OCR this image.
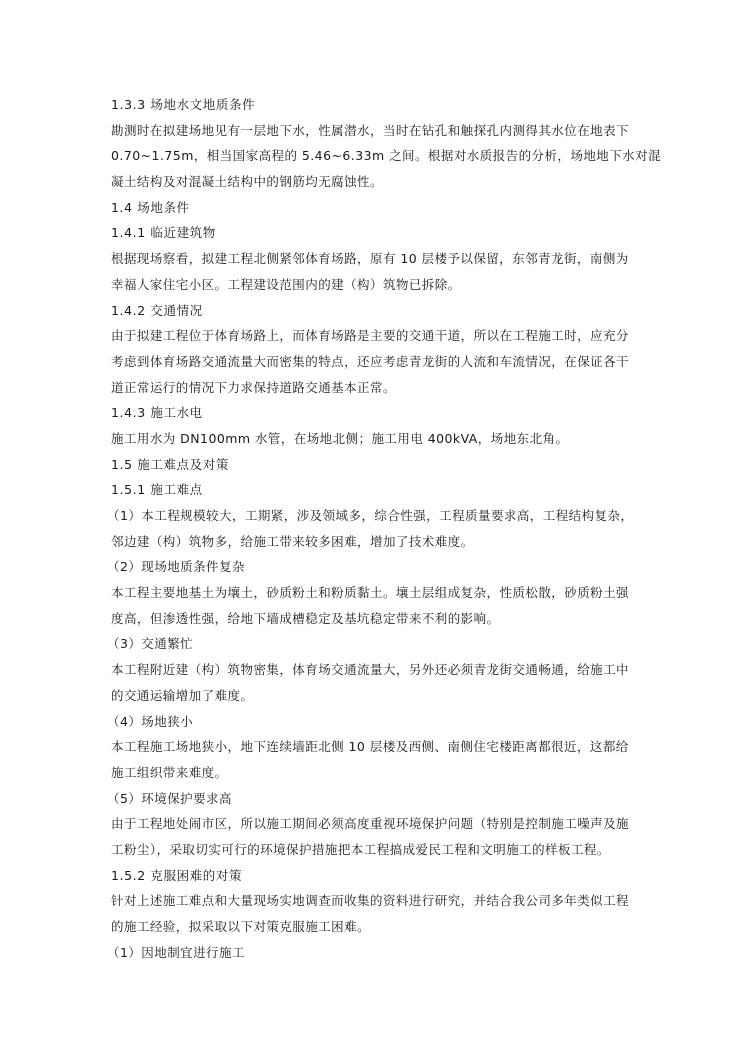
1.3.3 场地水文地质条件
勘测时在拟建场地见有一层地下水，性属潜水，当时在钻孔和触探孔内测得其水位在地表下
0.70~1.75m，相当国家高程的 5.46~6.33m 之间。根据对水质报告的分析，场地地下水对混
凝土结构及对混凝土结构中的钢筋均无腐蚀性。
1.4 场地条件
1.4.1 临近建筑物
根据现场察看，拟建工程北侧紧邻体育场路，原有 10 层楼予以保留，东邻青龙街，南侧为
幸福人家住宅小区。工程建设范围内的建（构）筑物已拆除。
1.4.2 交通情况
由于拟建工程位于体育场路上，而体育场路是主要的交通干道，所以在工程施工时，应充分
考虑到体育场路交通流量大而密集的特点，还应考虑青龙街的人流和车流情况，在保证各干
道正常运行的情况下力求保持道路交通基本正常。
1.4.3 施工水电
施工用水为 DN100mm 水管，在场地北侧；施工用电 400kVA，场地东北角。
1.5 施工难点及对策
1.5.1 施工难点
（1）本工程规模较大，工期紧，涉及领域多，综合性强，工程质量要求高，工程结构复杂，
邻边建（构）筑物多，给施工带来较多困难，增加了技术难度。
（2）现场地质条件复杂
本工程主要地基土为壤土，砂质粉土和粉质黏土。壤土层组成复杂，性质松散，砂质粉土强
度高，但渗透性强，给地下墙成槽稳定及基坑稳定带来不利的影响。
（3）交通繁忙
本工程附近建（构）筑物密集，体育场交通流量大，另外还必须青龙街交通畅通，给施工中
的交通运输增加了难度。
（4）场地狭小
本工程施工场地狭小，地下连续墙距北侧 10 层楼及西侧、南侧住宅楼距离都很近，这都给
施工组织带来难度。
（5）环境保护要求高
由于工程地处闹市区，所以施工期间必须高度重视环境保护问题（特别是控制施工噪声及施
工粉尘），采取切实可行的环境保护措施把本工程搞成爱民工程和文明施工的样板工程。
1.5.2 克服困难的对策
针对上述施工难点和大量现场实地调查而收集的资料进行研究，并结合我公司多年类似工程
的施工经验，拟采取以下对策克服施工困难。
（1）因地制宜进行施工
